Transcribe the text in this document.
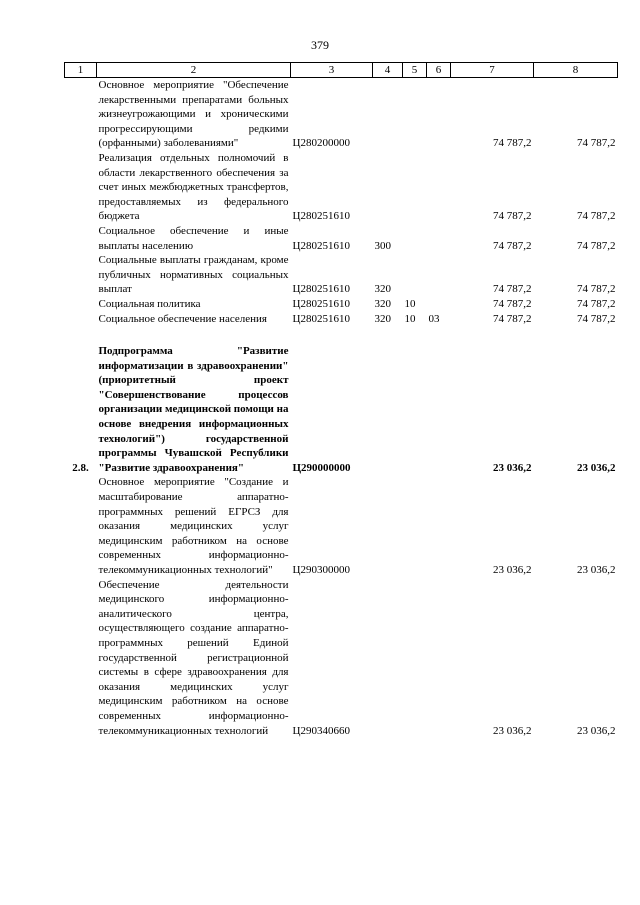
379
1	2	3	4	5	6	7	8
	Основное мероприятие "Обеспечение лекарственными препаратами больных жизнеугрожающими и хроническими прогрессирующими редкими (орфанными) заболеваниями"	Ц280200000				74 787,2	74 787,2
	Реализация отдельных полномочий в области лекарственного обеспечения за счет иных межбюджетных трансфертов, предоставляемых из федерального бюджета	Ц280251610				74 787,2	74 787,2
	Социальное обеспечение и иные выплаты населению	Ц280251610	300			74 787,2	74 787,2
	Социальные выплаты гражданам, кроме публичных нормативных социальных выплат	Ц280251610	320			74 787,2	74 787,2
	Социальная политика	Ц280251610	320	10		74 787,2	74 787,2
	Социальное обеспечение населения	Ц280251610	320	10	03	74 787,2	74 787,2

2.8.	Подпрограмма "Развитие информатизации в здравоохранении" (приоритетный проект "Совершенствование процессов организации медицинской помощи на основе внедрения информационных технологий") государственной программы Чувашской Республики "Развитие здравоохранения"	Ц290000000				23 036,2	23 036,2
	Основное мероприятие "Создание и масштабирование аппаратно-программных решений ЕГРСЗ для оказания медицинских услуг медицинским работником на основе современных информационно-телекоммуникационных технологий"	Ц290300000				23 036,2	23 036,2
	Обеспечение деятельности медицинского информационно-аналитического центра, осуществляющего создание аппаратно-программных решений Единой государственной регистрационной системы в сфере здравоохранения для оказания медицинских услуг медицинским работником на основе современных информационно-телекоммуникационных технологий	Ц290340660				23 036,2	23 036,2
